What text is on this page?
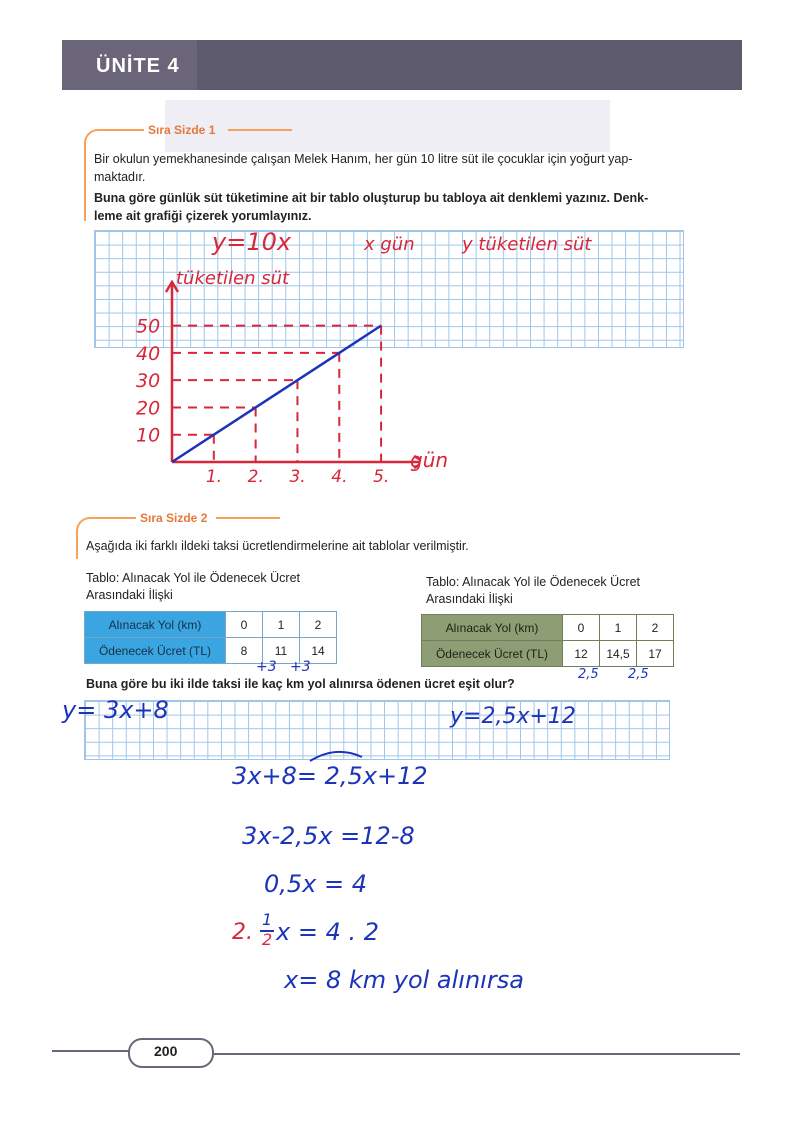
ÜNİTE 4
Sıra Sizde 1
Bir okulun yemekhanesinde çalışan Melek Hanım, her gün 10 litre süt ile çocuklar için yoğurt yap-
maktadır.
Buna göre günlük süt tüketimine ait bir tablo oluşturup bu tabloya ait denklemi yazınız. Denk-
leme ait grafiği çizerek yorumlayınız.
y=10x	x gün	y tüketilen süt
tüketilen süt
gün
10
20
30
40
50
1. 2. 3. 4. 5.
Sıra Sizde 2
Aşağıda iki farklı ildeki taksi ücretlendirmelerine ait tablolar verilmiştir.
Tablo: Alınacak Yol ile Ödenecek Ücret
Arasındaki İlişki
Alınacak Yol (km)	0	1	2
Ödenecek Ücret (TL)	8	11	14
+3 +3
Tablo: Alınacak Yol ile Ödenecek Ücret
Arasındaki İlişki
Alınacak Yol (km)	0	1	2
Ödenecek Ücret (TL)	12	14,5	17
2,5 2,5
Buna göre bu iki ilde taksi ile kaç km yol alınırsa ödenen ücret eşit olur?
y= 3x+8	y=2,5x+12
3x+8= 2,5x+12
3x-2,5x =12-8
0,5x = 4
2.
1
2 x = 4 . 2
x= 8 km yol alınırsa
200
